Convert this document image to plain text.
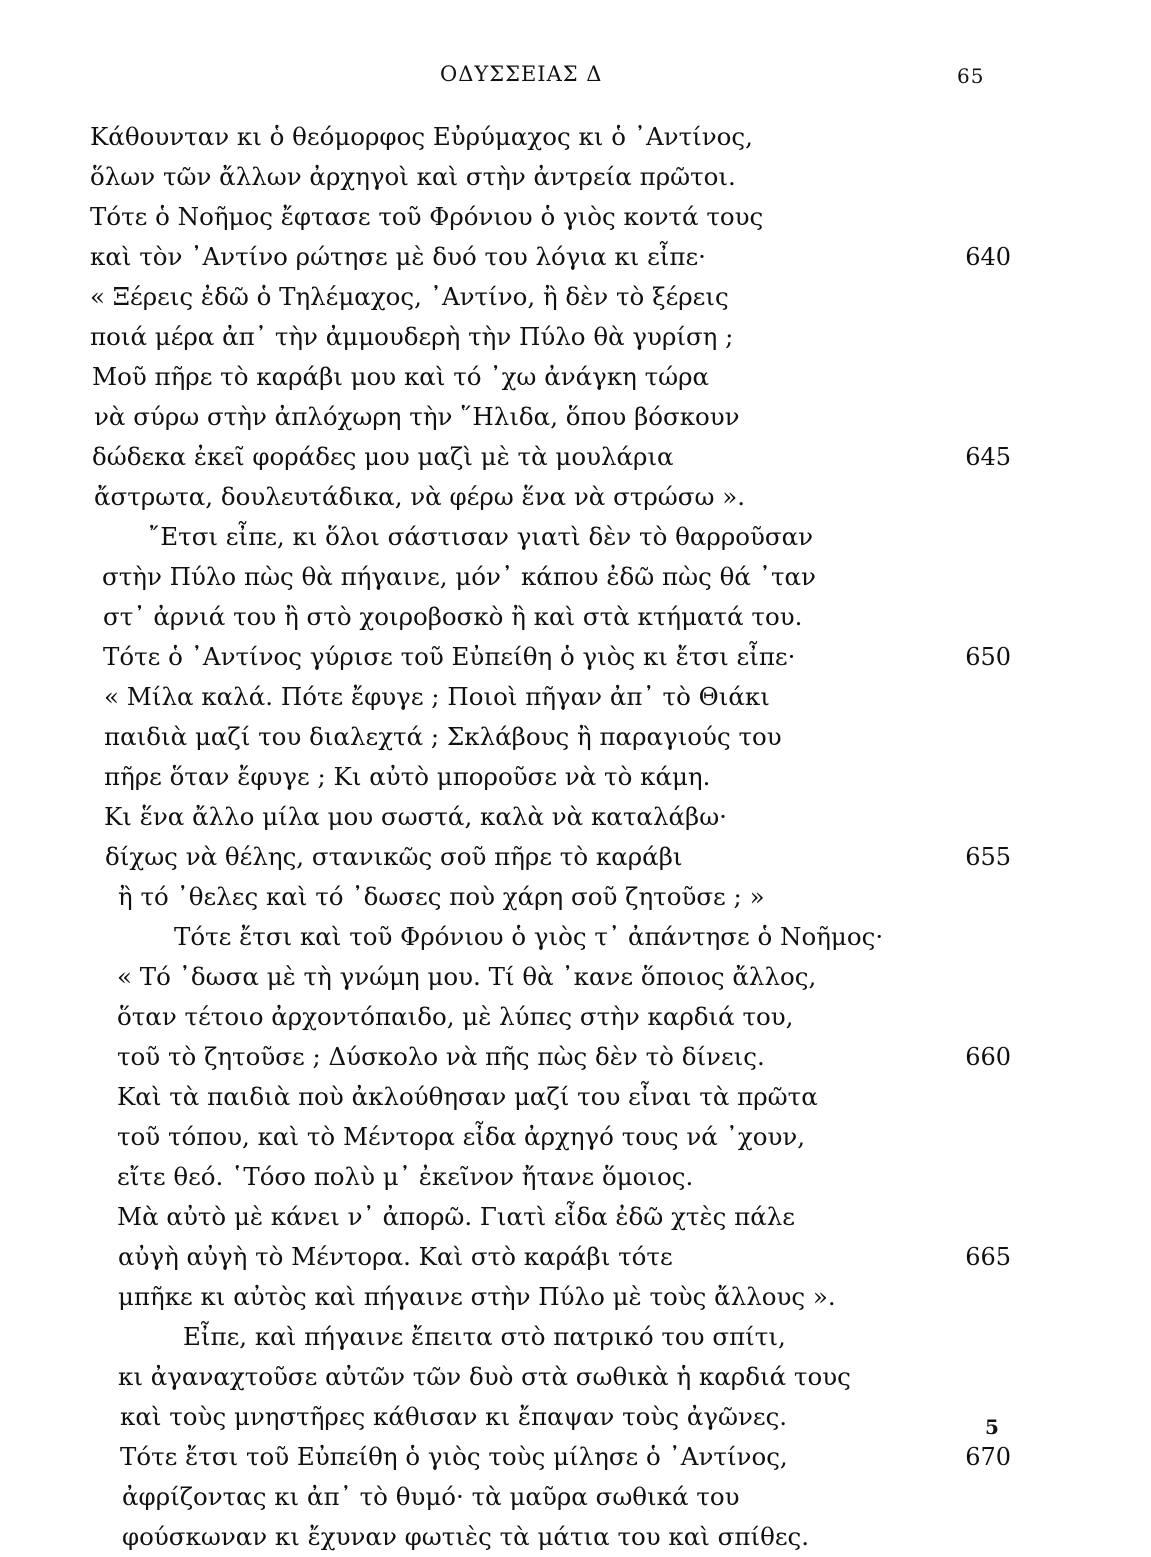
ΟΔΥΣΣΕΙΑΣ Δ	65
Κάθουνταν κι ὁ θεόμορφος Εὐρύμαχος κι ὁ ᾿Αντίνος,
ὅλων τῶν ἄλλων ἀρχηγοὶ καὶ στὴν ἀντρεία πρῶτοι.
Τότε ὁ Νοῆμος ἔφτασε τοῦ Φρόνιου ὁ γιὸς κοντά τους
καὶ τὸν ᾿Αντίνο ρώτησε μὲ δυό του λόγια κι εἶπε·	640
« Ξέρεις ἐδῶ ὁ Τηλέμαχος, ᾿Αντίνο, ἢ δὲν τὸ ξέρεις
ποιά μέρα ἀπ᾿ τὴν ἀμμουδερὴ τὴν Πύλο θὰ γυρίση ;
Μοῦ πῆρε τὸ καράβι μου καὶ τό ᾿χω ἀνάγκη τώρα
νὰ σύρω στὴν ἀπλόχωρη τὴν ῞Ηλιδα, ὅπου βόσκουν
δώδεκα ἐκεῖ φοράδες μου μαζὶ μὲ τὰ μουλάρια	645
ἄστρωτα, δουλευτάδικα, νὰ φέρω ἕνα νὰ στρώσω ».
῎Ετσι εἶπε, κι ὅλοι σάστισαν γιατὶ δὲν τὸ θαρροῦσαν
στὴν Πύλο πὼς θὰ πήγαινε, μόν᾿ κάπου ἐδῶ πὼς θά ᾿ταν
στ᾿ ἀρνιά του ἢ στὸ χοιροβοσκὸ ἢ καὶ στὰ κτήματά του.
Τότε ὁ ᾿Αντίνος γύρισε τοῦ Εὐπείθη ὁ γιὸς κι ἔτσι εἶπε·	650
« Μίλα καλά. Πότε ἔφυγε ; Ποιοὶ πῆγαν ἀπ᾿ τὸ Θιάκι
παιδιὰ μαζί του διαλεχτά ; Σκλάβους ἢ παραγιούς του
πῆρε ὅταν ἔφυγε ; Κι αὐτὸ μποροῦσε νὰ τὸ κάμη.
Κι ἕνα ἄλλο μίλα μου σωστά, καλὰ νὰ καταλάβω·
δίχως νὰ θέλης, στανικῶς σοῦ πῆρε τὸ καράβι	655
ἢ τό ᾿θελες καὶ τό ᾿δωσες ποὺ χάρη σοῦ ζητοῦσε ; »
Τότε ἔτσι καὶ τοῦ Φρόνιου ὁ γιὸς τ᾿ ἀπάντησε ὁ Νοῆμος·
« Τό ᾿δωσα μὲ τὴ γνώμη μου. Τί θὰ ᾿κανε ὅποιος ἄλλος,
ὅταν τέτοιο ἀρχοντόπαιδο, μὲ λύπες στὴν καρδιά του,
τοῦ τὸ ζητοῦσε ; Δύσκολο νὰ πῆς πὼς δὲν τὸ δίνεις.	660
Καὶ τὰ παιδιὰ ποὺ ἀκλούθησαν μαζί του εἶναι τὰ πρῶτα
τοῦ τόπου, καὶ τὸ Μέντορα εἶδα ἀρχηγό τους νά ᾿χουν,
εἴτε θεό. ῾Τόσο πολὺ μ᾿ ἐκεῖνον ἤτανε ὅμοιος.
Μὰ αὐτὸ μὲ κάνει ν᾿ ἀπορῶ. Γιατὶ εἶδα ἐδῶ χτὲς πάλε
αὐγὴ αὐγὴ τὸ Μέντορα. Καὶ στὸ καράβι τότε	665
μπῆκε κι αὐτὸς καὶ πήγαινε στὴν Πύλο μὲ τοὺς ἄλλους ».
Εἶπε, καὶ πήγαινε ἔπειτα στὸ πατρικό του σπίτι,
κι ἀγαναχτοῦσε αὐτῶν τῶν δυὸ στὰ σωθικὰ ἡ καρδιά τους
καὶ τοὺς μνηστῆρες κάθισαν κι ἔπαψαν τοὺς ἀγῶνες.
Τότε ἔτσι τοῦ Εὐπείθη ὁ γιὸς τοὺς μίλησε ὁ ᾿Αντίνος,	670
ἀφρίζοντας κι ἀπ᾿ τὸ θυμό· τὰ μαῦρα σωθικά του
φούσκωναν κι ἔχυναν φωτιὲς τὰ μάτια του καὶ σπίθες.
5
